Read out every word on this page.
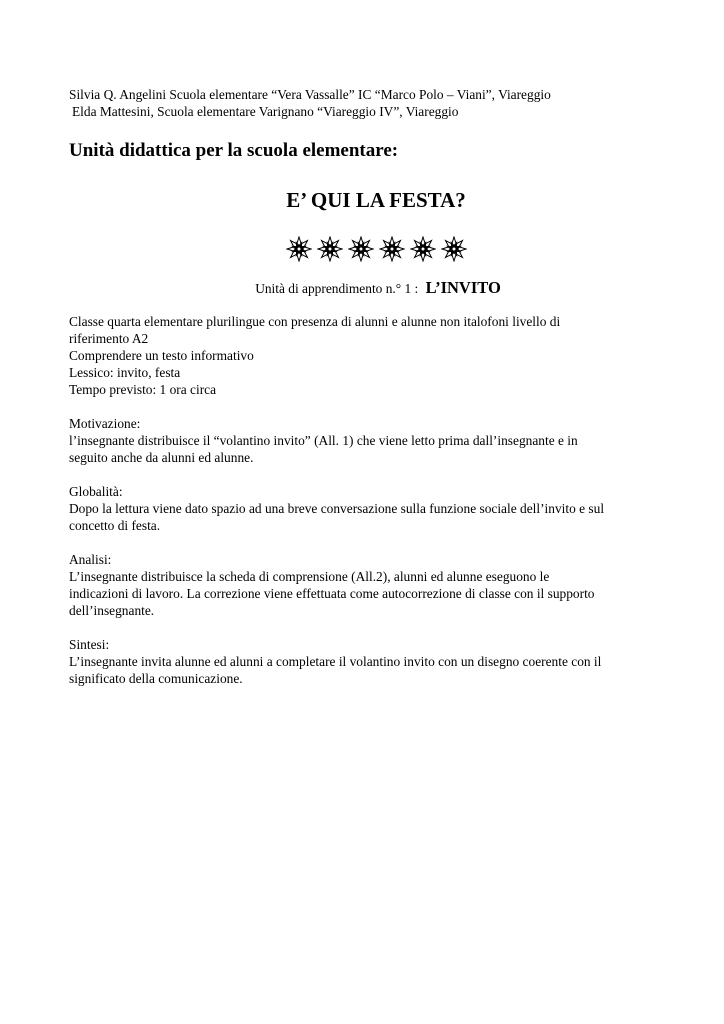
Silvia Q. Angelini Scuola elementare “Vera Vassalle” IC “Marco Polo – Viani”, Viareggio
Elda Mattesini, Scuola elementare Varignano “Viareggio IV”, Viareggio
Unità didattica per la scuola elementare:
E’ QUI LA FESTA?
Unità di apprendimento n.° 1 : L’INVITO

Classe quarta elementare plurilingue con presenza di alunni e alunne non italofoni livello di

riferimento A2

Comprendere un testo informativo

Lessico: invito, festa

Tempo previsto: 1 ora circa

Motivazione:

l’insegnante distribuisce il “volantino invito” (All. 1) che viene letto prima dall’insegnante e in

seguito anche da alunni ed alunne.

Globalità:

Dopo la lettura viene dato spazio ad una breve conversazione sulla funzione sociale dell’invito e sul

concetto di festa.

Analisi:

L’insegnante distribuisce la scheda di comprensione (All.2), alunni ed alunne eseguono le

indicazioni di lavoro. La correzione viene effettuata come autocorrezione di classe con il supporto

dell’insegnante.

Sintesi:

L’insegnante invita alunne ed alunni a completare il volantino invito con un disegno coerente con il

significato della comunicazione.
